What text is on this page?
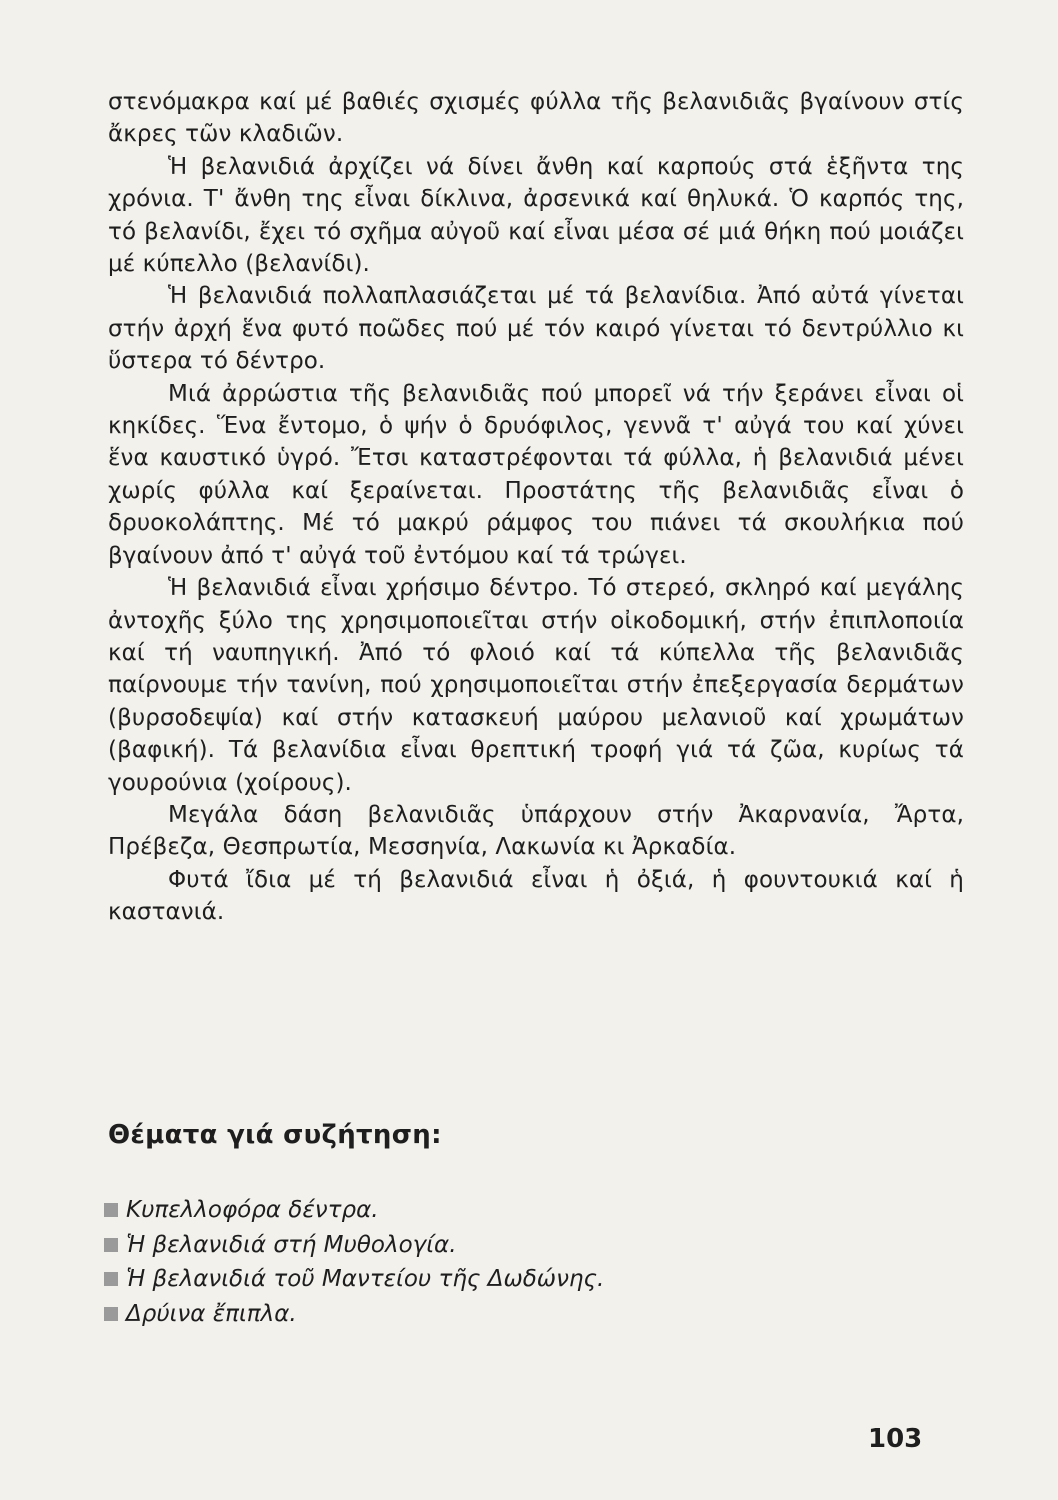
στενόμακρα καί μέ βαθιές σχισμές φύλλα τῆς βελανιδιᾶς βγαίνουν στίς ἄκρες τῶν κλαδιῶν.

Ἡ βελανιδιά ἀρχίζει νά δίνει ἄνθη καί καρπούς στά ἑξῆντα της χρόνια. Τ' ἄνθη της εἶναι δίκλινα, ἀρσενικά καί θηλυκά. Ὁ καρπός της, τό βελανίδι, ἔχει τό σχῆμα αὐγοῦ καί εἶναι μέσα σέ μιά θήκη πού μοιάζει μέ κύπελλο (βελανίδι).

Ἡ βελανιδιά πολλαπλασιάζεται μέ τά βελανίδια. Ἀπό αὐτά γίνεται στήν ἀρχή ἕνα φυτό ποῶδες πού μέ τόν καιρό γίνεται τό δεντρύλλιο κι ὕστερα τό δέντρο.

Μιά ἀρρώστια τῆς βελανιδιᾶς πού μπορεῖ νά τήν ξεράνει εἶναι οἱ κηκίδες. Ἕνα ἔντομο, ὁ ψήν ὁ δρυόφιλος, γεννᾶ τ' αὐγά του καί χύνει ἕνα καυστικό ὑγρό. Ἔτσι καταστρέφονται τά φύλλα, ἡ βελανιδιά μένει χωρίς φύλλα καί ξεραίνεται. Προστάτης τῆς βελανιδιᾶς εἶναι ὁ δρυοκολάπτης. Μέ τό μακρύ ράμφος του πιάνει τά σκουλήκια πού βγαίνουν ἀπό τ' αὐγά τοῦ ἐντόμου καί τά τρώγει.

Ἡ βελανιδιά εἶναι χρήσιμο δέντρο. Τό στερεό, σκληρό καί μεγάλης ἀντοχῆς ξύλο της χρησιμοποιεῖται στήν οἰκοδομική, στήν ἐπιπλοποιία καί τή ναυπηγική. Ἀπό τό φλοιό καί τά κύπελλα τῆς βελανιδιᾶς παίρνουμε τήν τανίνη, πού χρησιμοποιεῖται στήν ἐπεξεργασία δερμάτων (βυρσοδεψία) καί στήν κατασκευή μαύρου μελανιοῦ καί χρωμάτων (βαφική). Τά βελανίδια εἶναι θρεπτική τροφή γιά τά ζῶα, κυρίως τά γουρούνια (χοίρους).

Μεγάλα δάση βελανιδιᾶς ὑπάρχουν στήν Ἀκαρνανία, Ἄρτα, Πρέβεζα, Θεσπρωτία, Μεσσηνία, Λακωνία κι Ἀρκαδία.

Φυτά ἴδια μέ τή βελανιδιά εἶναι ἡ ὀξιά, ἡ φουντουκιά καί ἡ καστανιά.

Θέματα γιά συζήτηση:
Κυπελλοφόρα δέντρα.
Ἡ βελανιδιά στή Μυθολογία.
Ἡ βελανιδιά τοῦ Μαντείου τῆς Δωδώνης.
Δρύινα ἔπιπλα.
103
